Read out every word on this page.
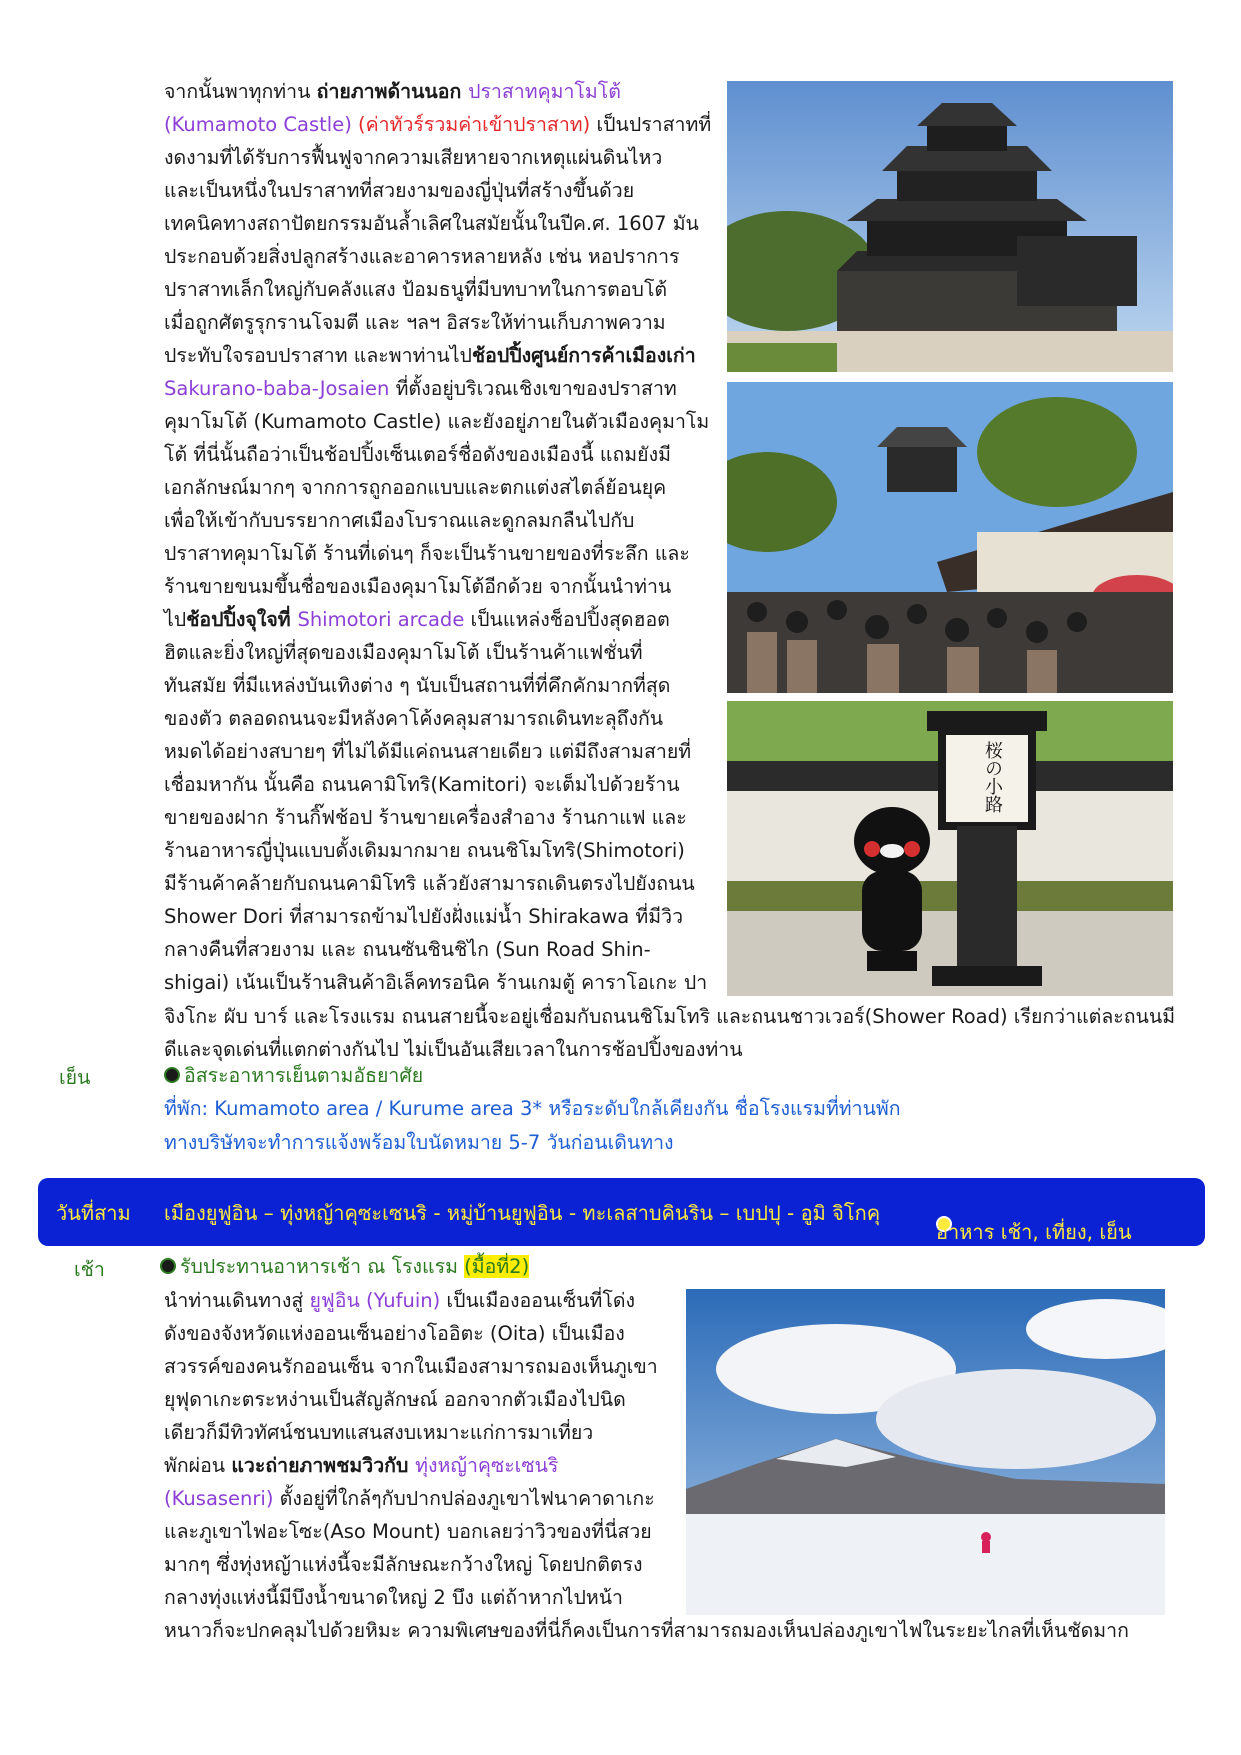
จากนั้นพาทุกท่าน ถ่ายภาพด้านนอก ปราสาทคุมาโมโต้
(Kumamoto Castle) (ค่าทัวร์รวมค่าเข้าปราสาท) เป็นปราสาทที่
งดงามที่ได้รับการฟื้นฟูจากความเสียหายจากเหตุแผ่นดินไหว
และเป็นหนึ่งในปราสาทที่สวยงามของญี่ปุ่นที่สร้างขึ้นด้วย
เทคนิคทางสถาปัตยกรรมอันล้ำเลิศในสมัยนั้นในปีค.ศ. 1607 มัน
ประกอบด้วยสิ่งปลูกสร้างและอาคารหลายหลัง เช่น หอปราการ
ปราสาทเล็กใหญ่กับคลังแสง ป้อมธนูที่มีบทบาทในการตอบโต้
เมื่อถูกศัตรูรุกรานโจมตี และ ฯลฯ อิสระให้ท่านเก็บภาพความ
ประทับใจรอบปราสาท และพาท่านไปช้อปปิ้งศูนย์การค้าเมืองเก่า
Sakurano-baba-Josaien ที่ตั้งอยู่บริเวณเชิงเขาของปราสาท
คุมาโมโต้ (Kumamoto Castle) และยังอยู่ภายในตัวเมืองคุมาโม
โต้ ที่นี่นั้นถือว่าเป็นช้อปปิ้งเซ็นเตอร์ชื่อดังของเมืองนี้ แถมยังมี
เอกลักษณ์มากๆ จากการถูกออกแบบและตกแต่งสไตล์ย้อนยุค
เพื่อให้เข้ากับบรรยากาศเมืองโบราณและดูกลมกลืนไปกับ
ปราสาทคุมาโมโต้ ร้านที่เด่นๆ ก็จะเป็นร้านขายของที่ระลึก และ
ร้านขายขนมขึ้นชื่อของเมืองคุมาโมโต้อีกด้วย จากนั้นนำท่าน
ไปช้อปปิ้งจุใจที่ Shimotori arcade เป็นแหล่งช็อปปิ้งสุดฮอต
ฮิตและยิ่งใหญ่ที่สุดของเมืองคุมาโมโต้ เป็นร้านค้าแฟชั่นที่
ทันสมัย ที่มีแหล่งบันเทิงต่าง ๆ นับเป็นสถานที่ที่คึกคักมากที่สุด
ของตัว ตลอดถนนจะมีหลังคาโค้งคลุมสามารถเดินทะลุถึงกัน
หมดได้อย่างสบายๆ ที่ไม่ได้มีแค่ถนนสายเดียว แต่มีถึงสามสายที่
เชื่อมหากัน นั้นคือ ถนนคามิโทริ(Kamitori) จะเต็มไปด้วยร้าน
ขายของฝาก ร้านกิ๊ฟช้อป ร้านขายเครื่องสำอาง ร้านกาแฟ และ
ร้านอาหารญี่ปุ่นแบบดั้งเดิมมากมาย ถนนชิโมโทริ(Shimotori)
มีร้านค้าคล้ายกับถนนคามิโทริ แล้วยังสามารถเดินตรงไปยังถนน
Shower Dori ที่สามารถข้ามไปยังฝั่งแม่น้ำ Shirakawa ที่มีวิว
กลางคืนที่สวยงาม และ ถนนซันชินชิไก (Sun Road Shin-
shigai) เน้นเป็นร้านสินค้าอิเล็คทรอนิค ร้านเกมตู้ คาราโอเกะ ปา
จิงโกะ ผับ บาร์ และโรงแรม ถนนสายนี้จะอยู่เชื่อมกับถนนชิโมโทริ และถนนชาวเวอร์(Shower Road) เรียกว่าแต่ละถนนมี
ดีและจุดเด่นที่แตกต่างกันไป ไม่เป็นอันเสียเวลาในการช้อปปิ้งของท่าน
桜の小路
เย็น	อิสระอาหารเย็นตามอัธยาศัย
ที่พัก: Kumamoto area / Kurume area 3* หรือระดับใกล้เคียงกัน ชื่อโรงแรมที่ท่านพัก
ทางบริษัทจะทำการแจ้งพร้อมใบนัดหมาย 5-7 วันก่อนเดินทาง
วันที่สาม เมืองยูฟูอิน – ทุ่งหญ้าคุซะเซนริ - หมู่บ้านยูฟูอิน - ทะเลสาบคินริน – เบปปุ - อูมิ จิโกคุ
อาหาร เช้า, เที่ยง, เย็น
เช้า	รับประทานอาหารเช้า ณ โรงแรม (มื้อที่2)
นำท่านเดินทางสู่ ยูฟูอิน (Yufuin) เป็นเมืองออนเซ็นที่โด่ง
ดังของจังหวัดแห่งออนเซ็นอย่างโออิตะ (Oita) เป็นเมือง
สวรรค์ของคนรักออนเซ็น จากในเมืองสามารถมองเห็นภูเขา
ยุฟุดาเกะตระหง่านเป็นสัญลักษณ์ ออกจากตัวเมืองไปนิด
เดียวก็มีทิวทัศน์ชนบทแสนสงบเหมาะแก่การมาเที่ยว
พักผ่อน แวะถ่ายภาพชมวิวกับ ทุ่งหญ้าคุซะเซนริ
(Kusasenri) ตั้งอยู่ที่ใกล้ๆกับปากปล่องภูเขาไฟนาคาดาเกะ
และภูเขาไฟอะโซะ(Aso Mount) บอกเลยว่าวิวของที่นี่สวย
มากๆ ซึ่งทุ่งหญ้าแห่งนี้จะมีลักษณะกว้างใหญ่ โดยปกติตรง
กลางทุ่งแห่งนี้มีบึงน้ำขนาดใหญ่ 2 บึง แต่ถ้าหากไปหน้า
หนาวก็จะปกคลุมไปด้วยหิมะ ความพิเศษของที่นี่ก็คงเป็นการที่สามารถมองเห็นปล่องภูเขาไฟในระยะไกลที่เห็นชัดมาก
